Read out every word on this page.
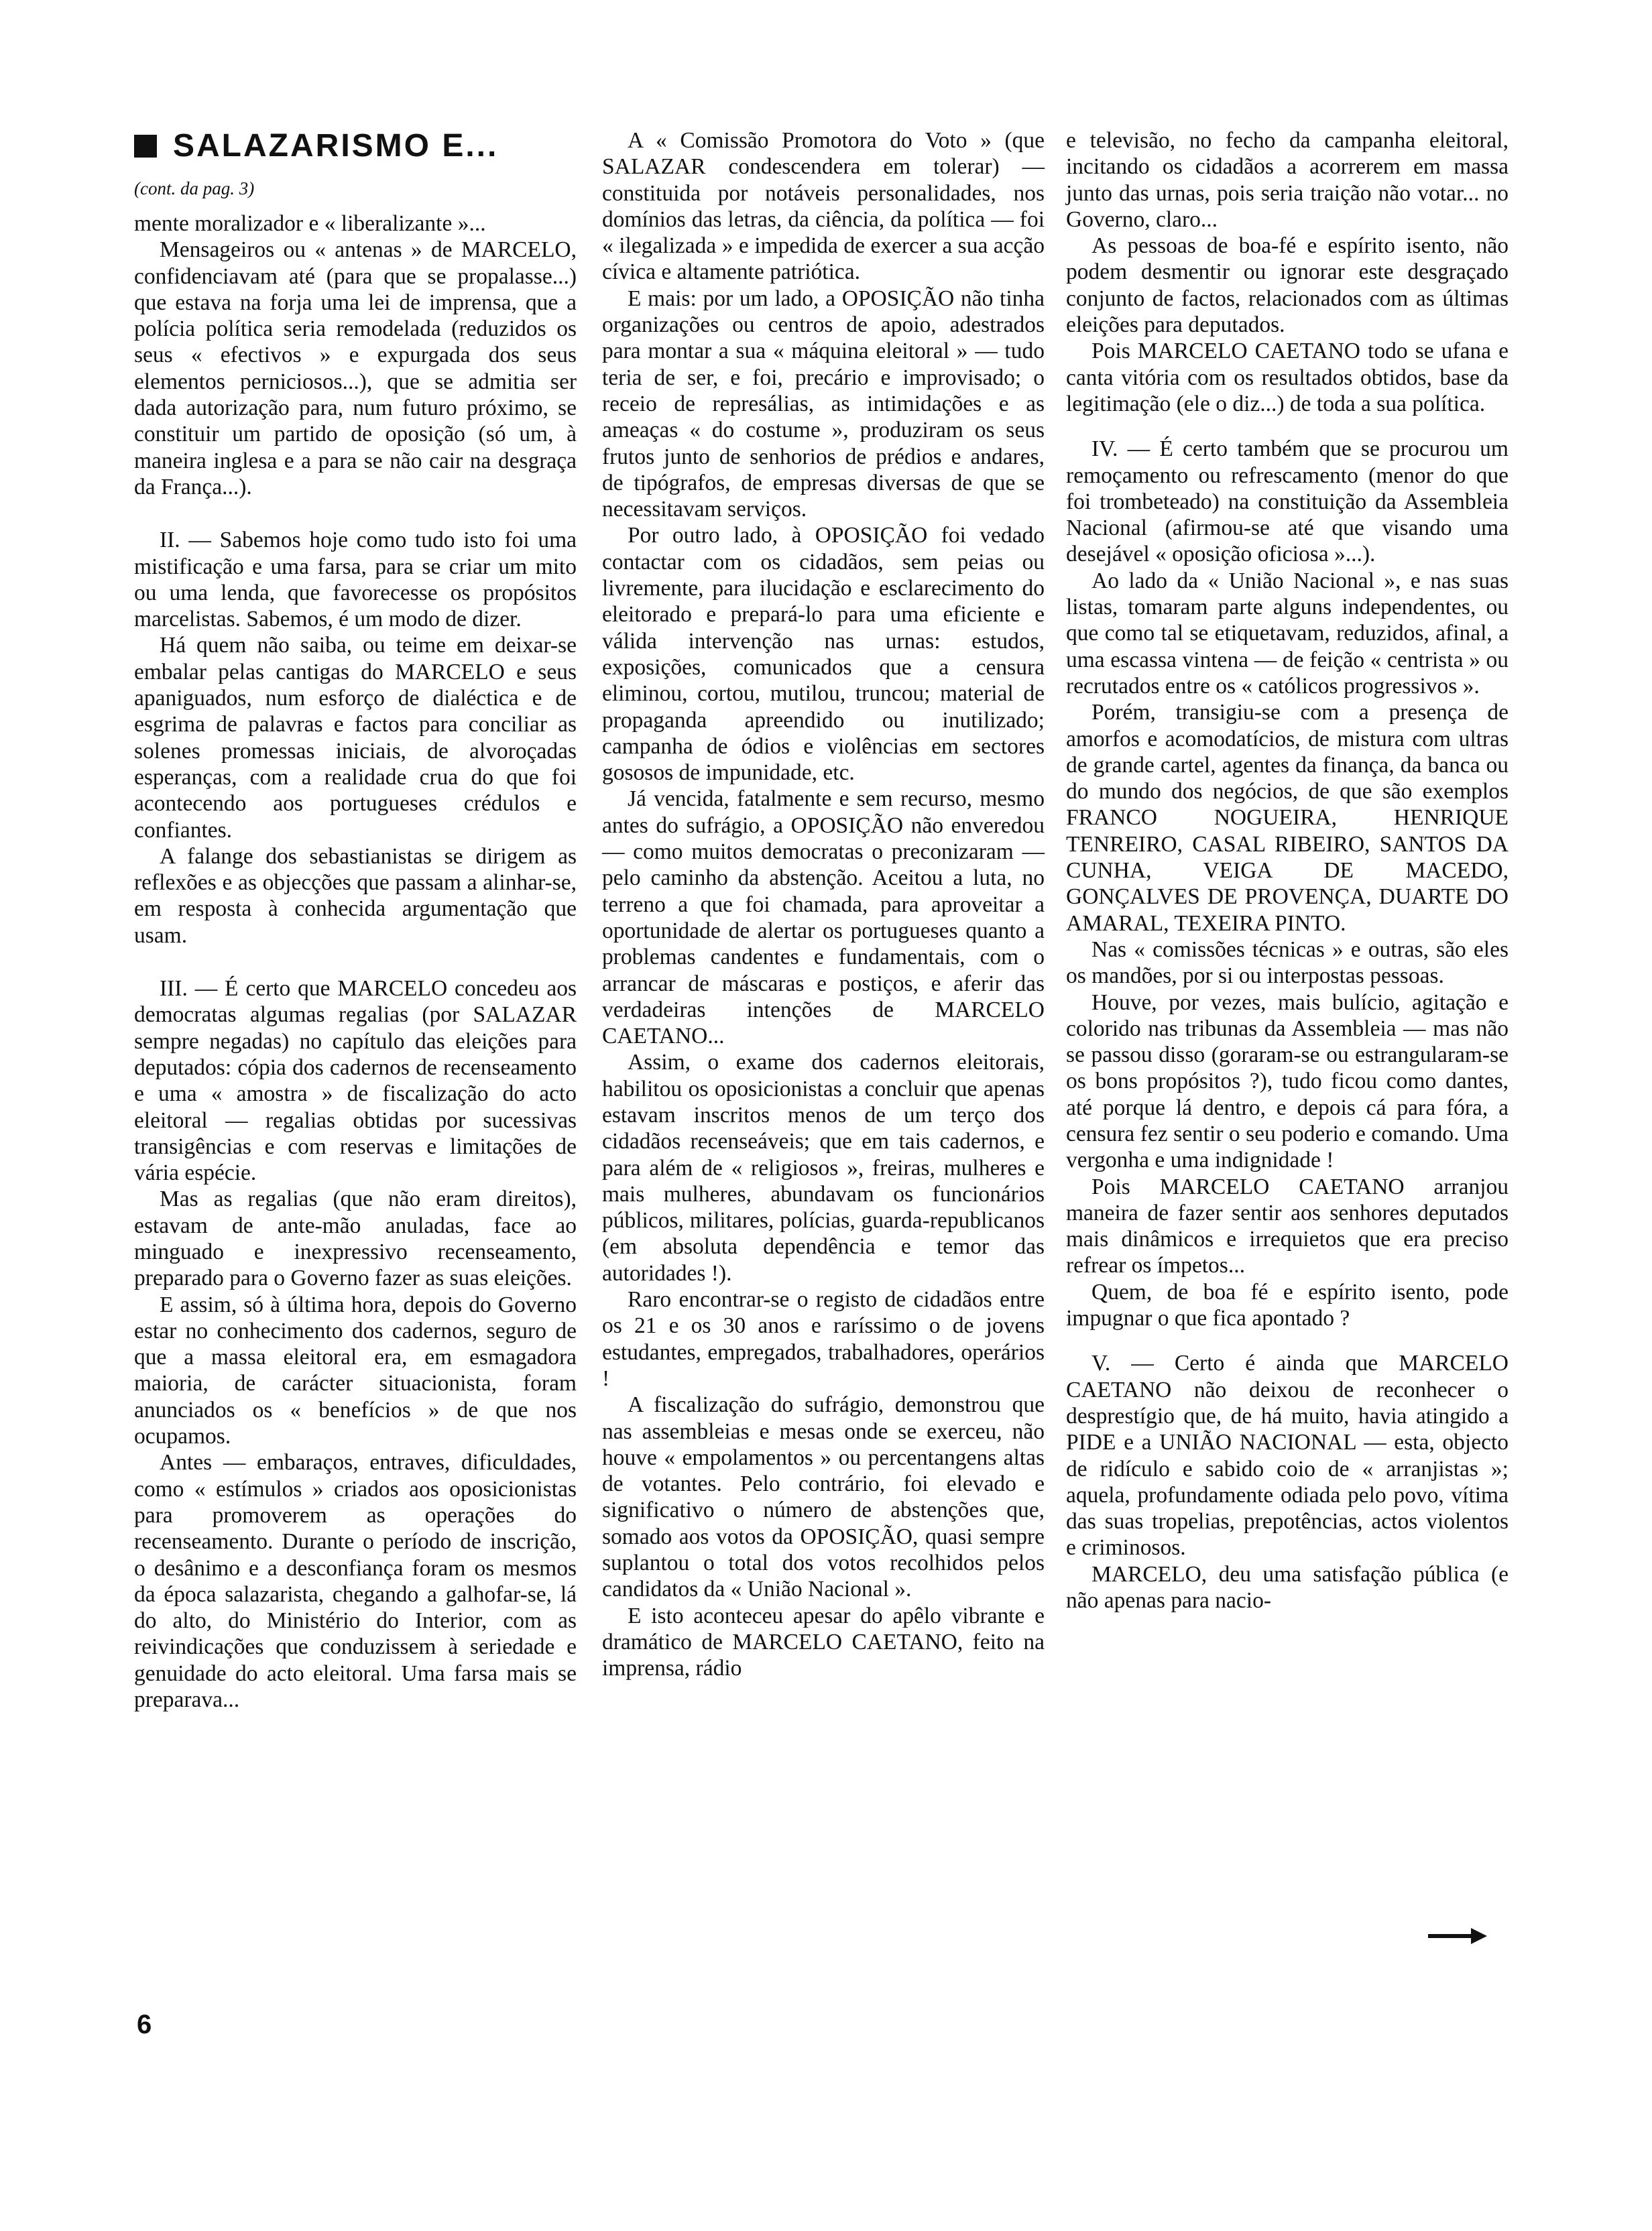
SALAZARISMO E...
(cont. da pag. 3)

mente moralizador e « liberalizante »...

Mensageiros ou « antenas » de MARCELO, confidenciavam até (para que se propalasse...) que estava na forja uma lei de imprensa, que a polícia política seria remodelada (reduzidos os seus « efectivos » e expurgada dos seus elementos perniciosos...), que se admitia ser dada autorização para, num futuro próximo, se constituir um partido de oposição (só um, à maneira inglesa e a para se não cair na desgraça da França...).

II. — Sabemos hoje como tudo isto foi uma mistificação e uma farsa, para se criar um mito ou uma lenda, que favorecesse os propósitos marcelistas. Sabemos, é um modo de dizer.

Há quem não saiba, ou teime em deixar-se embalar pelas cantigas do MARCELO e seus apaniguados, num esforço de dialéctica e de esgrima de palavras e factos para conciliar as solenes promessas iniciais, de alvoroçadas esperanças, com a realidade crua do que foi acontecendo aos portugueses crédulos e confiantes.

A falange dos sebastianistas se dirigem as reflexões e as objecções que passam a alinhar-se, em resposta à conhecida argumentação que usam.

III. — É certo que MARCELO concedeu aos democratas algumas regalias (por SALAZAR sempre negadas) no capítulo das eleições para deputados: cópia dos cadernos de recenseamento e uma « amostra » de fiscalização do acto eleitoral — regalias obtidas por sucessivas transigências e com reservas e limitações de vária espécie.

Mas as regalias (que não eram direitos), estavam de ante-mão anuladas, face ao minguado e inexpressivo recenseamento, preparado para o Governo fazer as suas eleições.

E assim, só à última hora, depois do Governo estar no conhecimento dos cadernos, seguro de que a massa eleitoral era, em esmagadora maioria, de carácter situacionista, foram anunciados os « benefícios » de que nos ocupamos.

Antes — embaraços, entraves, dificuldades, como « estímulos » criados aos oposicionistas para promoverem as operações do recenseamento. Durante o período de inscrição, o desânimo e a desconfiança foram os mesmos da época salazarista, chegando a galhofar-se, lá do alto, do Ministério do Interior, com as reivindicações que conduzissem à seriedade e genuidade do acto eleitoral. Uma farsa mais se preparava...

A « Comissão Promotora do Voto » (que SALAZAR condescendera em tolerar) — constituida por notáveis personalidades, nos domínios das letras, da ciência, da política — foi « ilegalizada » e impedida de exercer a sua acção cívica e altamente patriótica.

E mais: por um lado, a OPOSIÇÃO não tinha organizações ou centros de apoio, adestrados para montar a sua « máquina eleitoral » — tudo teria de ser, e foi, precário e improvisado; o receio de represálias, as intimidações e as ameaças « do costume », produziram os seus frutos junto de senhorios de prédios e andares, de tipógrafos, de empresas diversas de que se necessitavam serviços.

Por outro lado, à OPOSIÇÃO foi vedado contactar com os cidadãos, sem peias ou livremente, para ilucidação e esclarecimento do eleitorado e prepará-lo para uma eficiente e válida intervenção nas urnas: estudos, exposições, comunicados que a censura eliminou, cortou, mutilou, truncou; material de propaganda apreendido ou inutilizado; campanha de ódios e violências em sectores gososos de impunidade, etc.

Já vencida, fatalmente e sem recurso, mesmo antes do sufrágio, a OPOSIÇÃO não enveredou — como muitos democratas o preconizaram — pelo caminho da abstenção. Aceitou a luta, no terreno a que foi chamada, para aproveitar a oportunidade de alertar os portugueses quanto a problemas candentes e fundamentais, com o arrancar de máscaras e postiços, e aferir das verdadeiras intenções de MARCELO CAETANO...

Assim, o exame dos cadernos eleitorais, habilitou os oposicionistas a concluir que apenas estavam inscritos menos de um terço dos cidadãos recenseáveis; que em tais cadernos, e para além de « religiosos », freiras, mulheres e mais mulheres, abundavam os funcionários públicos, militares, polícias, guarda-republicanos (em absoluta dependência e temor das autoridades !).

Raro encontrar-se o registo de cidadãos entre os 21 e os 30 anos e raríssimo o de jovens estudantes, empregados, trabalhadores, operários !

A fiscalização do sufrágio, demonstrou que nas assembleias e mesas onde se exerceu, não houve « empolamentos » ou percentangens altas de votantes. Pelo contrário, foi elevado e significativo o número de abstenções que, somado aos votos da OPOSIÇÃO, quasi sempre suplantou o total dos votos recolhidos pelos candidatos da « União Nacional ».

E isto aconteceu apesar do apêlo vibrante e dramático de MARCELO CAETANO, feito na imprensa, rádio

e televisão, no fecho da campanha eleitoral, incitando os cidadãos a acorrerem em massa junto das urnas, pois seria traição não votar... no Governo, claro...

As pessoas de boa-fé e espírito isento, não podem desmentir ou ignorar este desgraçado conjunto de factos, relacionados com as últimas eleições para deputados.

Pois MARCELO CAETANO todo se ufana e canta vitória com os resultados obtidos, base da legitimação (ele o diz...) de toda a sua política.

IV. — É certo também que se procurou um remoçamento ou refrescamento (menor do que foi trombeteado) na constituição da Assembleia Nacional (afirmou-se até que visando uma desejável « oposição oficiosa »...).

Ao lado da « União Nacional », e nas suas listas, tomaram parte alguns independentes, ou que como tal se etiquetavam, reduzidos, afinal, a uma escassa vintena — de feição « centrista » ou recrutados entre os « católicos progressivos ».

Porém, transigiu-se com a presença de amorfos e acomodatícios, de mistura com ultras de grande cartel, agentes da finança, da banca ou do mundo dos negócios, de que são exemplos FRANCO NOGUEIRA, HENRIQUE TENREIRO, CASAL RIBEIRO, SANTOS DA CUNHA, VEIGA DE MACEDO, GONÇALVES DE PROVENÇA, DUARTE DO AMARAL, TEXEIRA PINTO.

Nas « comissões técnicas » e outras, são eles os mandões, por si ou interpostas pessoas.

Houve, por vezes, mais bulício, agitação e colorido nas tribunas da Assembleia — mas não se passou disso (goraram-se ou estrangularam-se os bons propósitos ?), tudo ficou como dantes, até porque lá dentro, e depois cá para fóra, a censura fez sentir o seu poderio e comando. Uma vergonha e uma indignidade !

Pois MARCELO CAETANO arranjou maneira de fazer sentir aos senhores deputados mais dinâmicos e irrequietos que era preciso refrear os ímpetos...

Quem, de boa fé e espírito isento, pode impugnar o que fica apontado ?

V. — Certo é ainda que MARCELO CAETANO não deixou de reconhecer o desprestígio que, de há muito, havia atingido a PIDE e a UNIÃO NACIONAL — esta, objecto de ridículo e sabido coio de « arranjistas »; aquela, profundamente odiada pelo povo, vítima das suas tropelias, prepotências, actos violentos e criminosos.

MARCELO, deu uma satisfação pública (e não apenas para nacio-

6
